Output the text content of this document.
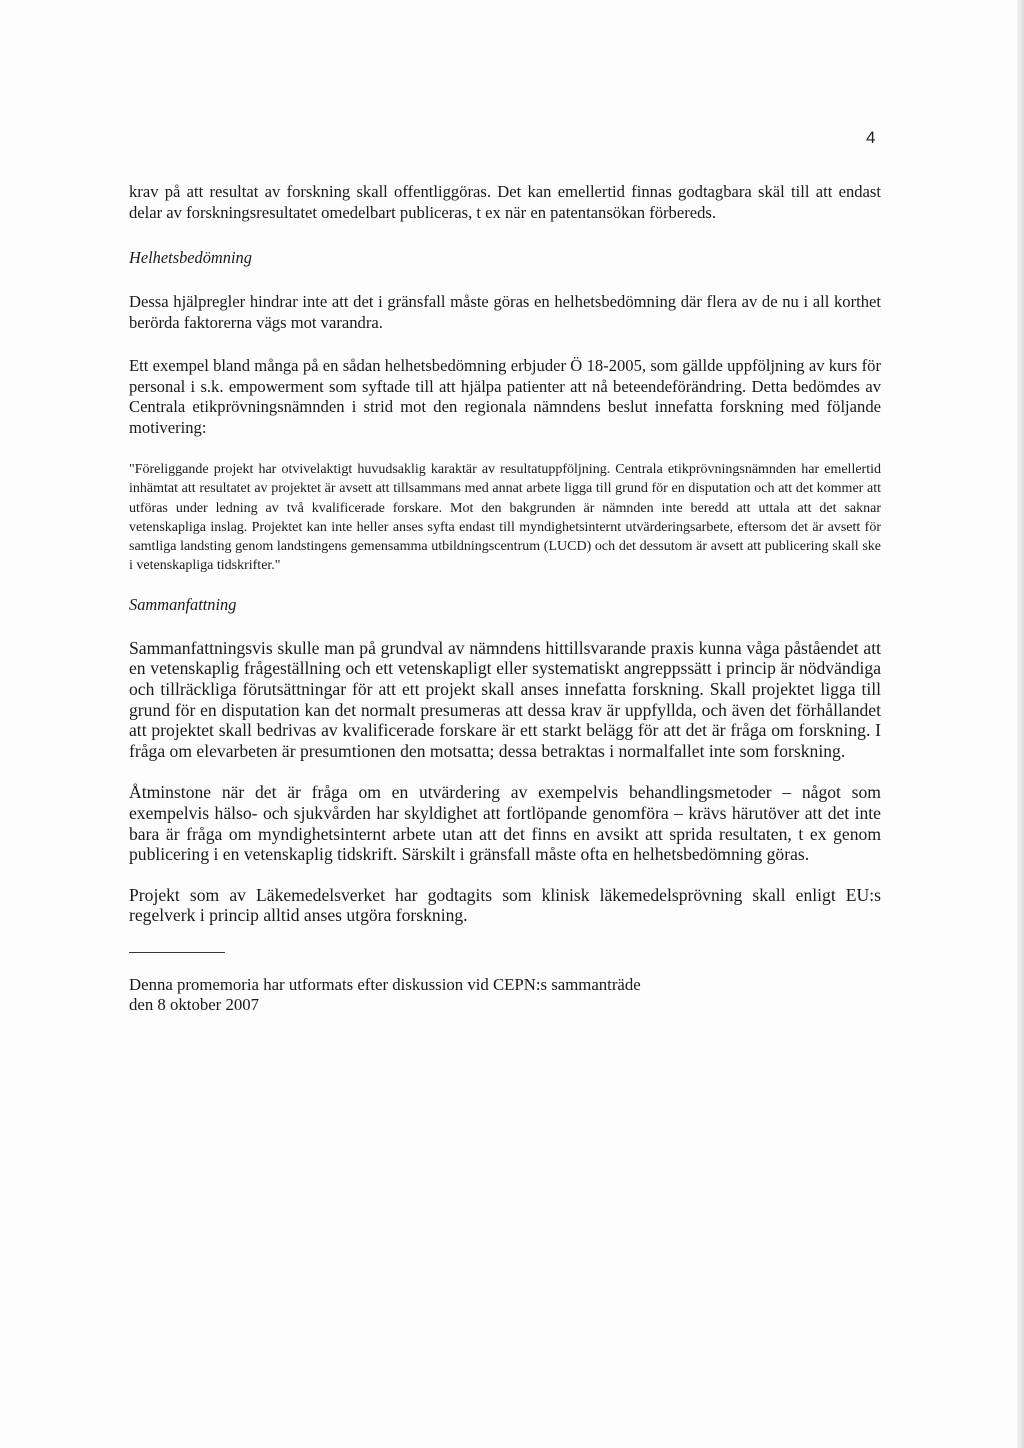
4

krav på att resultat av forskning skall offentliggöras. Det kan emellertid finnas godtagbara skäl till att endast delar av forskningsresultatet omedelbart publiceras, t ex när en patentansökan förbereds.

Helhetsbedömning

Dessa hjälpregler hindrar inte att det i gränsfall måste göras en helhetsbedömning där flera av de nu i all korthet berörda faktorerna vägs mot varandra.

Ett exempel bland många på en sådan helhetsbedömning erbjuder Ö 18-2005, som gällde uppföljning av kurs för personal i s.k. empowerment som syftade till att hjälpa patienter att nå beteendeförändring. Detta bedömdes av Centrala etikprövningsnämnden i strid mot den regionala nämndens beslut innefatta forskning med följande motivering:

"Föreliggande projekt har otvivelaktigt huvudsaklig karaktär av resultatuppföljning. Centrala etikprövningsnämnden har emellertid inhämtat att resultatet av projektet är avsett att tillsammans med annat arbete ligga till grund för en disputation och att det kommer att utföras under ledning av två kvalificerade forskare. Mot den bakgrunden är nämnden inte beredd att uttala att det saknar vetenskapliga inslag. Projektet kan inte heller anses syfta endast till myndighetsinternt utvärderingsarbete, eftersom det är avsett för samtliga landsting genom landstingens gemensamma utbildningscentrum (LUCD) och det dessutom är avsett att publicering skall ske i vetenskapliga tidskrifter."

Sammanfattning

Sammanfattningsvis skulle man på grundval av nämndens hittillsvarande praxis kunna våga påståendet att en vetenskaplig frågeställning och ett vetenskapligt eller systematiskt angreppssätt i princip är nödvändiga och tillräckliga förutsättningar för att ett projekt skall anses innefatta forskning. Skall projektet ligga till grund för en disputation kan det normalt presumeras att dessa krav är uppfyllda, och även det förhållandet att projektet skall bedrivas av kvalificerade forskare är ett starkt belägg för att det är fråga om forskning. I fråga om elevarbeten är presumtionen den motsatta; dessa betraktas i normalfallet inte som forskning.

Åtminstone när det är fråga om en utvärdering av exempelvis behandlingsmetoder – något som exempelvis hälso- och sjukvården har skyldighet att fortlöpande genomföra – krävs härutöver att det inte bara är fråga om myndighetsinternt arbete utan att det finns en avsikt att sprida resultaten, t ex genom publicering i en vetenskaplig tidskrift. Särskilt i gränsfall måste ofta en helhetsbedömning göras.

Projekt som av Läkemedelsverket har godtagits som klinisk läkemedelsprövning skall enligt EU:s regelverk i princip alltid anses utgöra forskning.

Denna promemoria har utformats efter diskussion vid CEPN:s sammanträde

den 8 oktober 2007
